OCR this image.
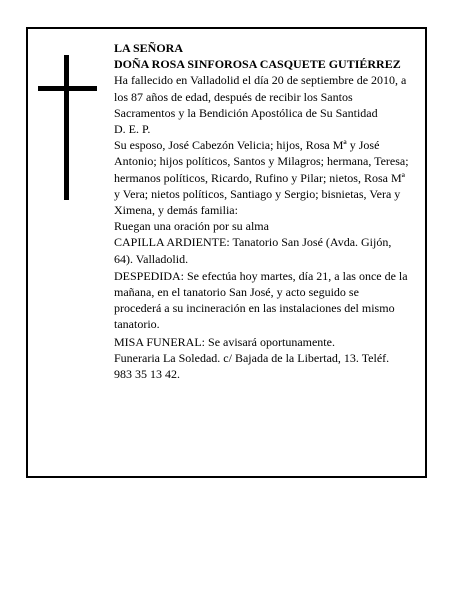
LA SEÑORA

DOÑA ROSA SINFOROSA CASQUETE GUTIÉRREZ

Ha fallecido en Valladolid el día 20 de septiembre de 2010, a los 87 años de edad, después de recibir los Santos Sacramentos y la Bendición Apostólica de Su Santidad

D. E. P.

Su esposo, José Cabezón Velicia; hijos, Rosa Mª y José Antonio; hijos políticos, Santos y Milagros; hermana, Teresa; hermanos políticos, Ricardo, Rufino y Pilar; nietos, Rosa Mª y Vera; nietos políticos, Santiago y Sergio; bisnietas, Vera y Ximena, y demás familia:

Ruegan una oración por su alma

CAPILLA ARDIENTE: Tanatorio San José (Avda. Gijón, 64). Valladolid.

DESPEDIDA: Se efectúa hoy martes, día 21, a las once de la mañana, en el tanatorio San José, y acto seguido se procederá a su incineración en las instalaciones del mismo tanatorio.

MISA FUNERAL: Se avisará oportunamente.

Funeraria La Soledad. c/ Bajada de la Libertad, 13. Teléf. 983 35 13 42.
